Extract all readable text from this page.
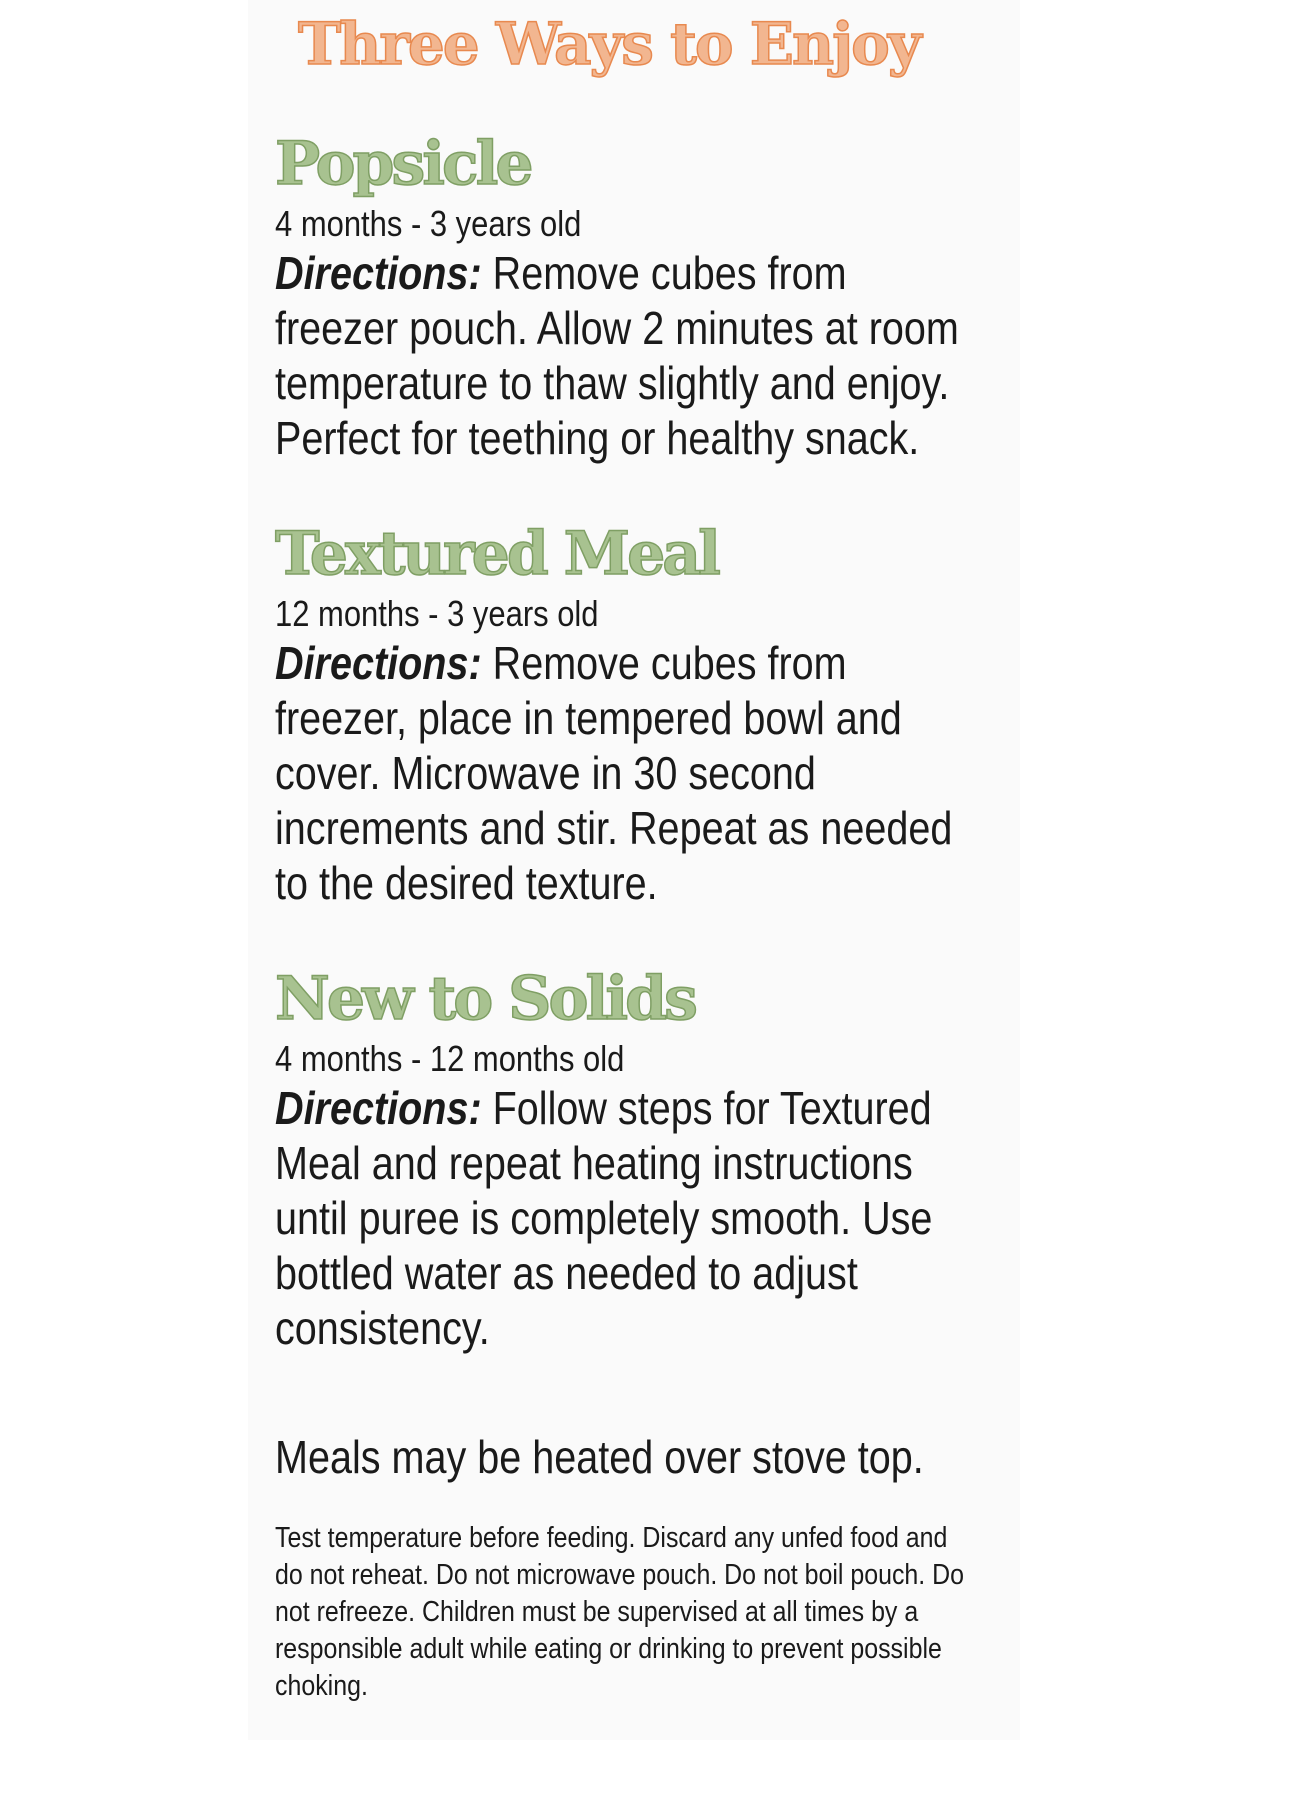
Three Ways to Enjoy
Popsicle
4 months - 3 years old
Directions: Remove cubes from freezer pouch. Allow 2 minutes at room temperature to thaw slightly and enjoy. Perfect for teething or healthy snack.
Textured Meal
12 months - 3 years old
Directions: Remove cubes from freezer, place in tempered bowl and cover. Microwave in 30 second increments and stir. Repeat as needed to the desired texture.
New to Solids
4 months - 12 months old
Directions: Follow steps for Textured Meal and repeat heating instructions until puree is completely smooth. Use bottled water as needed to adjust consistency.
Meals may be heated over stove top.
Test temperature before feeding. Discard any unfed food and do not reheat. Do not microwave pouch. Do not boil pouch. Do not refreeze. Children must be supervised at all times by a responsible adult while eating or drinking to prevent possible choking.
